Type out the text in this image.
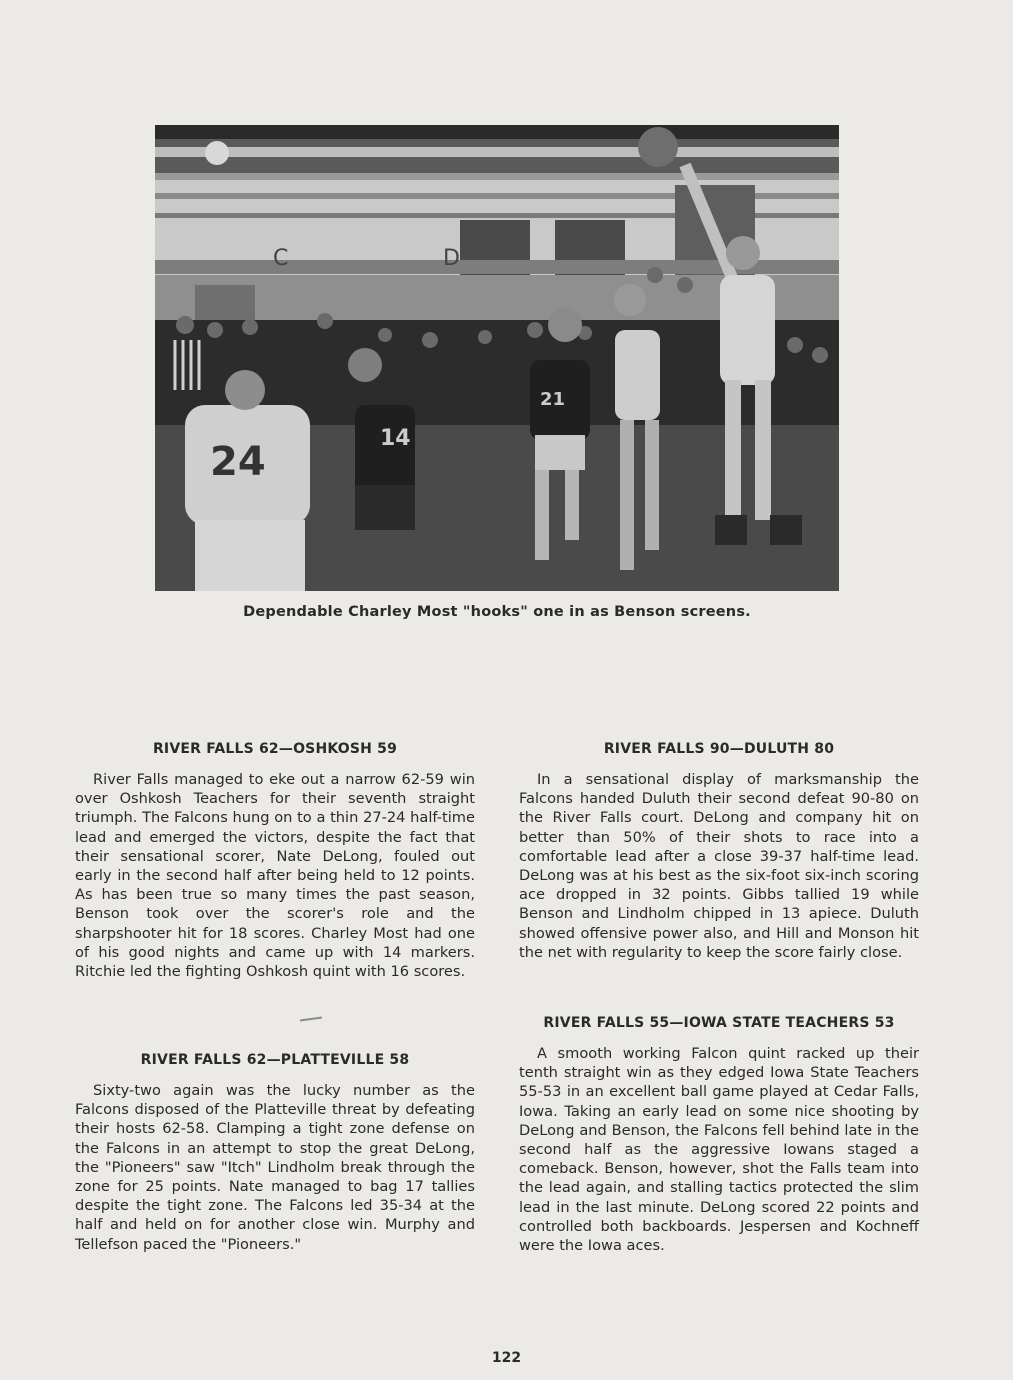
C	D
24
14
21
Dependable Charley Most "hooks" one in as Benson screens.
RIVER FALLS 62—OSHKOSH 59

River Falls managed to eke out a narrow 62-59 win over Oshkosh Teachers for their seventh straight triumph. The Falcons hung on to a thin 27-24 half-time lead and emerged the victors, despite the fact that their sensational scorer, Nate DeLong, fouled out early in the second half after being held to 12 points. As has been true so many times the past season, Benson took over the scorer's role and the sharpshooter hit for 18 scores. Charley Most had one of his good nights and came up with 14 markers. Ritchie led the fighting Oshkosh quint with 16 scores.

RIVER FALLS 90—DULUTH 80

In a sensational display of marksmanship the Falcons handed Duluth their second defeat 90-80 on the River Falls court. DeLong and company hit on better than 50% of their shots to race into a comfortable lead after a close 39-37 half-time lead. DeLong was at his best as the six-foot six-inch scoring ace dropped in 32 points. Gibbs tallied 19 while Benson and Lindholm chipped in 13 apiece. Duluth showed offensive power also, and Hill and Monson hit the net with regularity to keep the score fairly close.

RIVER FALLS 62—PLATTEVILLE 58

Sixty-two again was the lucky number as the Falcons disposed of the Platteville threat by defeating their hosts 62-58. Clamping a tight zone defense on the Falcons in an attempt to stop the great DeLong, the "Pioneers" saw "Itch" Lindholm break through the zone for 25 points. Nate managed to bag 17 tallies despite the tight zone. The Falcons led 35-34 at the half and held on for another close win. Murphy and Tellefson paced the "Pioneers."

RIVER FALLS 55—IOWA STATE TEACHERS 53

A smooth working Falcon quint racked up their tenth straight win as they edged Iowa State Teachers 55-53 in an excellent ball game played at Cedar Falls, Iowa. Taking an early lead on some nice shooting by DeLong and Benson, the Falcons fell behind late in the second half as the aggressive Iowans staged a comeback. Benson, however, shot the Falls team into the lead again, and stalling tactics protected the slim lead in the last minute. DeLong scored 22 points and controlled both backboards. Jespersen and Kochneff were the Iowa aces.

122
